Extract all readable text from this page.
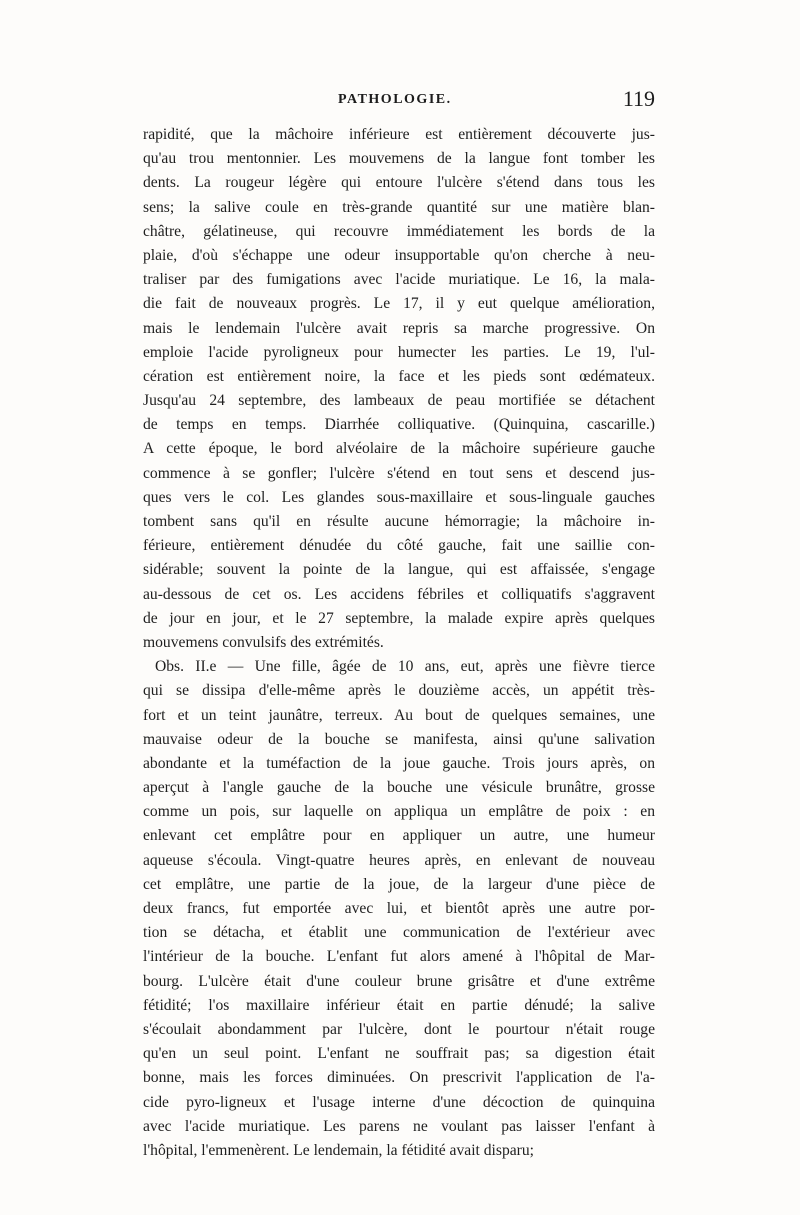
PATHOLOGIE.	119
rapidité, que la mâchoire inférieure est entièrement découverte jus-
qu'au trou mentonnier. Les mouvemens de la langue font tomber les
dents. La rougeur légère qui entoure l'ulcère s'étend dans tous les
sens; la salive coule en très-grande quantité sur une matière blan-
châtre, gélatineuse, qui recouvre immédiatement les bords de la
plaie, d'où s'échappe une odeur insupportable qu'on cherche à neu-
traliser par des fumigations avec l'acide muriatique. Le 16, la mala-
die fait de nouveaux progrès. Le 17, il y eut quelque amélioration,
mais le lendemain l'ulcère avait repris sa marche progressive. On
emploie l'acide pyroligneux pour humecter les parties. Le 19, l'ul-
cération est entièrement noire, la face et les pieds sont œdémateux.
Jusqu'au 24 septembre, des lambeaux de peau mortifiée se détachent
de temps en temps. Diarrhée colliquative. (Quinquina, cascarille.)
A cette époque, le bord alvéolaire de la mâchoire supérieure gauche
commence à se gonfler; l'ulcère s'étend en tout sens et descend jus-
ques vers le col. Les glandes sous-maxillaire et sous-linguale gauches
tombent sans qu'il en résulte aucune hémorragie; la mâchoire in-
férieure, entièrement dénudée du côté gauche, fait une saillie con-
sidérable; souvent la pointe de la langue, qui est affaissée, s'engage
au-dessous de cet os. Les accidens fébriles et colliquatifs s'aggravent
de jour en jour, et le 27 septembre, la malade expire après quelques
mouvemens convulsifs des extrémités.
Obs. II.e — Une fille, âgée de 10 ans, eut, après une fièvre tierce
qui se dissipa d'elle-même après le douzième accès, un appétit très-
fort et un teint jaunâtre, terreux. Au bout de quelques semaines, une
mauvaise odeur de la bouche se manifesta, ainsi qu'une salivation
abondante et la tuméfaction de la joue gauche. Trois jours après, on
aperçut à l'angle gauche de la bouche une vésicule brunâtre, grosse
comme un pois, sur laquelle on appliqua un emplâtre de poix : en
enlevant cet emplâtre pour en appliquer un autre, une humeur
aqueuse s'écoula. Vingt-quatre heures après, en enlevant de nouveau
cet emplâtre, une partie de la joue, de la largeur d'une pièce de
deux francs, fut emportée avec lui, et bientôt après une autre por-
tion se détacha, et établit une communication de l'extérieur avec
l'intérieur de la bouche. L'enfant fut alors amené à l'hôpital de Mar-
bourg. L'ulcère était d'une couleur brune grisâtre et d'une extrême
fétidité; l'os maxillaire inférieur était en partie dénudé; la salive
s'écoulait abondamment par l'ulcère, dont le pourtour n'était rouge
qu'en un seul point. L'enfant ne souffrait pas; sa digestion était
bonne, mais les forces diminuées. On prescrivit l'application de l'a-
cide pyro-ligneux et l'usage interne d'une décoction de quinquina
avec l'acide muriatique. Les parens ne voulant pas laisser l'enfant à
l'hôpital, l'emmenèrent. Le lendemain, la fétidité avait disparu;
